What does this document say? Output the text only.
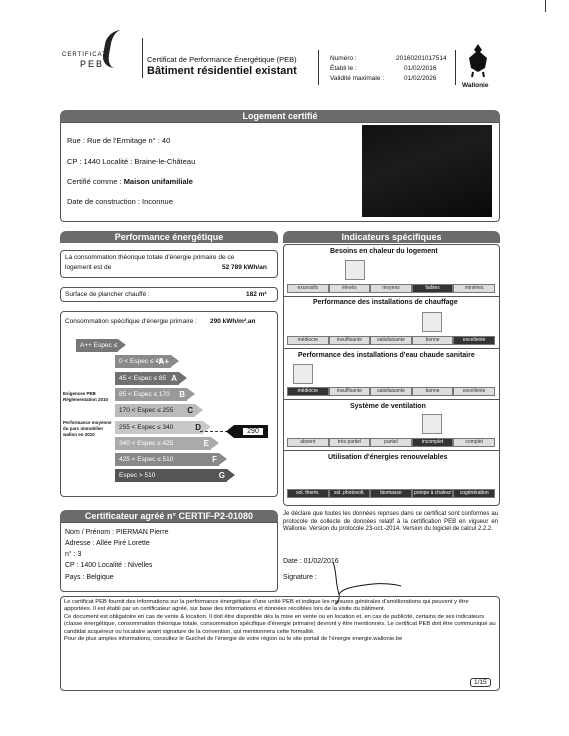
CERTIFICAT
PEB	Certificat de Performance Énergétique (PEB)
Bâtiment résidentiel existant
Numéro :	20160201017514
Établi le :	01/02/2016
Validité maximale :	01/02/2026
Wallonie
Logement certifié
Rue : Rue de l'Ermitage n° : 40
CP : 1440 Localité : Braine-le-Château
Certifié comme : Maison unifamiliale
Date de construction : Inconnue
Performance énergétique
La consommation théorique totale d'énergie primaire de ce
logement est de	52 789 kWh/an
Surface de plancher chauffé :	182 m²
Consommation spécifique d'énergie primaire : 290 kWh/m².an
A++ Espec ≤ 0
0 < Espec ≤ 45
A+
45 < Espec ≤ 85 A
85 < Espec ≤ 170 B
170 < Espec ≤ 255 C
255 < Espec ≤ 340	D
340 < Espec ≤ 425	E
425 < Espec ≤ 510	F
Espec > 510	G
Exigences PEB Réglementation 2010
Performance moyenne du parc immobilier wallon en 2010	290
Indicateurs spécifiques
Besoins en chaleur du logement
excessifs	élevés	moyens	faibles	minimes
Performance des installations de chauffage
médiocre	insuffisante	satisfaisante	bonne	excellente
Performance des installations d'eau chaude sanitaire
médiocre	insuffisante	satisfaisante	bonne	excellente
Système de ventilation
absent	très partiel	partiel	incomplet	complet
Utilisation d'énergies renouvelables
sol. therm.	sol. photovolt.	biomasse	pompe à chaleur	cogénération
Certificateur agréé n° CERTIF-P2-01080
Nom / Prénom : PIERMAN Pierre
Adresse : Allée Piré Lorette
n° : 3
CP : 1400 Localité : Nivelles
Pays : Belgique
Je déclare que toutes les données reprises dans ce certificat sont conformes au protocole de collecte de données relatif à la certification PEB en vigueur en Wallonie. Version du protocole 23-oct.-2014. Version du logiciel de calcul 2.2.2.
Date : 01/02/2016
Signature :
Le certificat PEB fournit des informations sur la performance énergétique d'une unité PEB et indique les mesures générales d'améliorations qui peuvent y être apportées. Il est établi par un certificateur agréé, sur base des informations et données récoltées lors de la visite du bâtiment.
Ce document est obligatoire en cas de vente & location. Il doit être disponible dès la mise en vente ou en location et, en cas de publicité, certains de ses indicateurs (classe énergétique, consommation théorique totale, consommation spécifique d'énergie primaire) devront y être mentionnés. Le certificat PEB doit être communiqué au candidat acquéreur ou locataire avant signature de la convention, qui mentionnera cette formalité.
Pour de plus amples informations, consultez le Guichet de l'énergie de votre région ou le site portail de l'énergie energie.wallonie.be
1/15
